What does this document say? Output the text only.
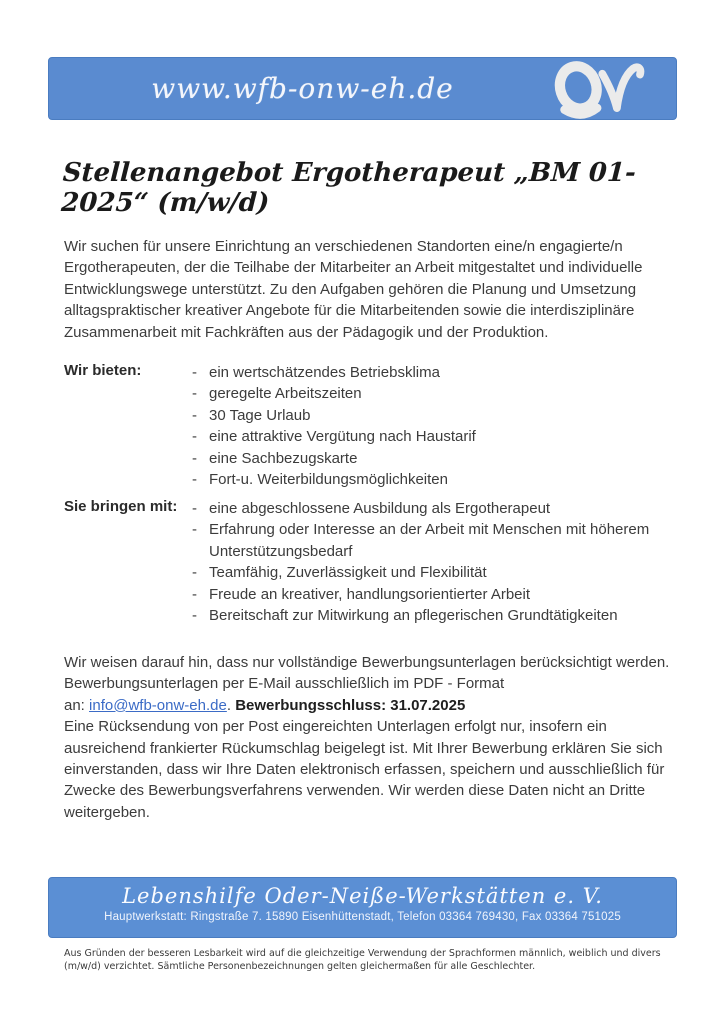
www.wfb-onw-eh.de
Stellenangebot Ergotherapeut „BM 01-2025“ (m/w/d)
Wir suchen für unsere Einrichtung an verschiedenen Standorten eine/n engagierte/n Ergotherapeuten, der die Teilhabe der Mitarbeiter an Arbeit mitgestaltet und individuelle Entwicklungswege unterstützt. Zu den Aufgaben gehören die Planung und Umsetzung alltagspraktischer kreativer Angebote für die Mitarbeitenden sowie die interdisziplinäre Zusammenarbeit mit Fachkräften aus der Pädagogik und der Produktion.
Wir bieten:	- ein wertschätzendes Betriebsklima
- geregelte Arbeitszeiten
- 30 Tage Urlaub
- eine attraktive Vergütung nach Haustarif
- eine Sachbezugskarte
- Fort-u. Weiterbildungsmöglichkeiten
Sie bringen mit: - eine abgeschlossene Ausbildung als Ergotherapeut
- Erfahrung oder Interesse an der Arbeit mit Menschen mit höherem Unterstützungsbedarf
- Teamfähig, Zuverlässigkeit und Flexibilität
- Freude an kreativer, handlungsorientierter Arbeit
- Bereitschaft zur Mitwirkung an pflegerischen Grundtätigkeiten

Wir weisen darauf hin, dass nur vollständige Bewerbungsunterlagen berücksichtigt werden. Bewerbungsunterlagen per E-Mail ausschließlich im PDF - Format

an: info@wfb-onw-eh.de. Bewerbungsschluss: 31.07.2025

Eine Rücksendung von per Post eingereichten Unterlagen erfolgt nur, insofern ein ausreichend frankierter Rückumschlag beigelegt ist. Mit Ihrer Bewerbung erklären Sie sich einverstanden, dass wir Ihre Daten elektronisch erfassen, speichern und ausschließlich für Zwecke des Bewerbungsverfahrens verwenden. Wir werden diese Daten nicht an Dritte weitergeben.

Lebenshilfe Oder-Neiße-Werkstätten e. V.
Hauptwerkstatt: Ringstraße 7. 15890 Eisenhüttenstadt, Telefon 03364 769430, Fax 03364 751025
Aus Gründen der besseren Lesbarkeit wird auf die gleichzeitige Verwendung der Sprachformen männlich, weiblich und divers (m/w/d) verzichtet. Sämtliche Personenbezeichnungen gelten gleichermaßen für alle Geschlechter.
